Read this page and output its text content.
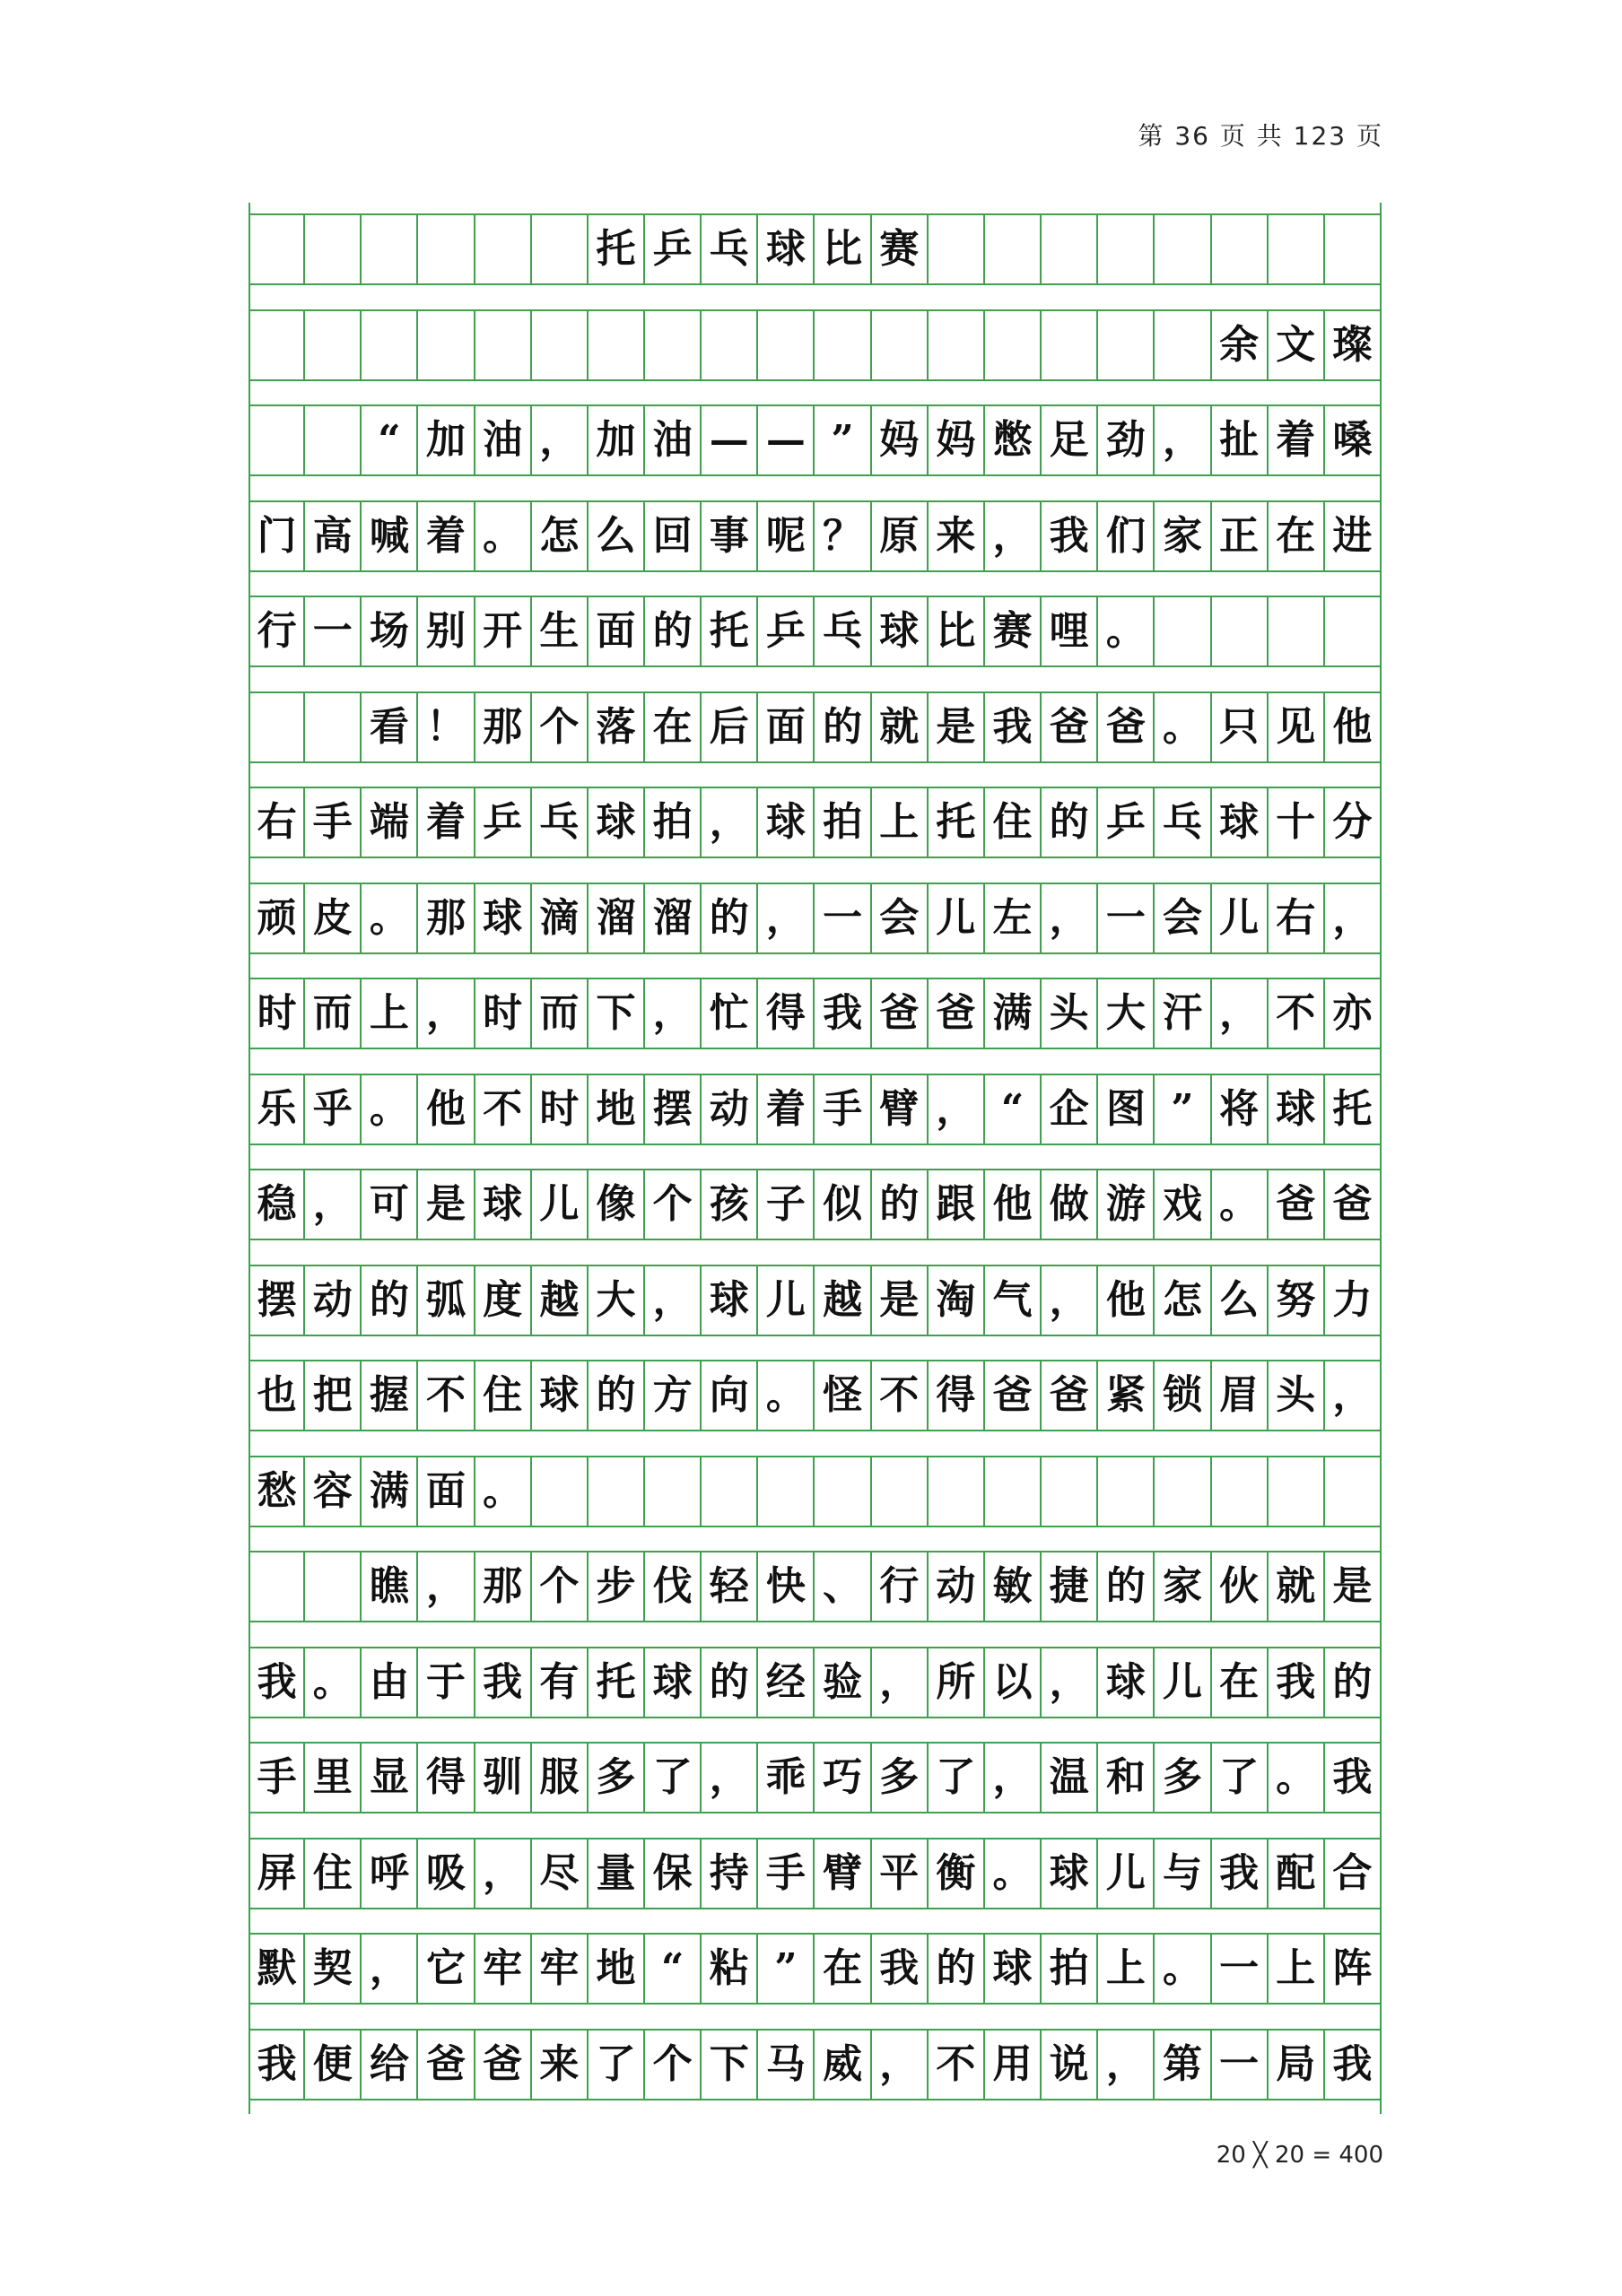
第 36 页 共 123 页
托 乒 乓 球 比 赛
余 文 璨
“ 加 油 ， 加 油 — — ” 妈 妈 憋 足 劲 ， 扯 着 嗓
门 高 喊 着 。 怎 么 回 事 呢 ？ 原 来 ， 我 们 家 正 在 进
行 一 场 别 开 生 面 的 托 乒 乓 球 比 赛 哩 。
看 ！ 那 个 落 在 后 面 的 就 是 我 爸 爸 。 只 见 他
右 手 端 着 乒 乓 球 拍 ， 球 拍 上 托 住 的 乒 乓 球 十 分
顽 皮 。 那 球 滴 溜 溜 的 ， 一 会 儿 左 ， 一 会 儿 右 ，
时 而 上 ， 时 而 下 ， 忙 得 我 爸 爸 满 头 大 汗 ， 不 亦
乐 乎 。 他 不 时 地 摆 动 着 手 臂 ， “ 企 图 ” 将 球 托
稳 ， 可 是 球 儿 像 个 孩 子 似 的 跟 他 做 游 戏 。 爸 爸
摆 动 的 弧 度 越 大 ， 球 儿 越 是 淘 气 ， 他 怎 么 努 力
也 把 握 不 住 球 的 方 向 。 怪 不 得 爸 爸 紧 锁 眉 头 ，
愁 容 满 面 。
瞧 ， 那 个 步 伐 轻 快 、 行 动 敏 捷 的 家 伙 就 是
我 。 由 于 我 有 托 球 的 经 验 ， 所 以 ， 球 儿 在 我 的
手 里 显 得 驯 服 多 了 ， 乖 巧 多 了 ， 温 和 多 了 。 我
屏 住 呼 吸 ， 尽 量 保 持 手 臂 平 衡 。 球 儿 与 我 配 合
默 契 ， 它 牢 牢 地 “ 粘 ” 在 我 的 球 拍 上 。 一 上 阵
我 便 给 爸 爸 来 了 个 下 马 威 ， 不 用 说 ， 第 一 局 我
20 ╳ 20 = 400
